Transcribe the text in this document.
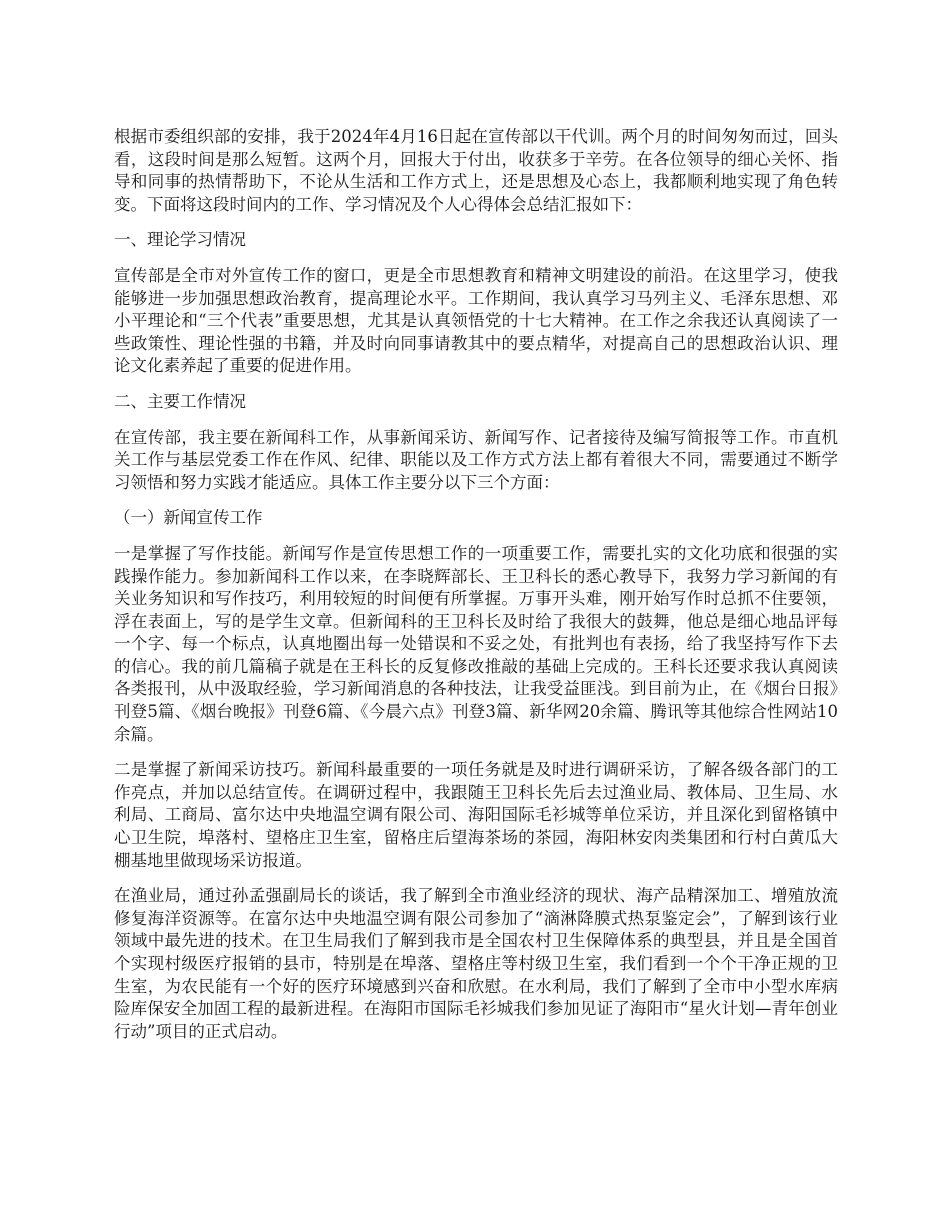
根据市委组织部的安排，我于2024年4月16日起在宣传部以干代训。两个月的时间匆匆而过，回头看，这段时间是那么短暂。这两个月，回报大于付出，收获多于辛劳。在各位领导的细心关怀、指导和同事的热情帮助下，不论从生活和工作方式上，还是思想及心态上，我都顺利地实现了角色转变。下面将这段时间内的工作、学习情况及个人心得体会总结汇报如下：

一、理论学习情况

宣传部是全市对外宣传工作的窗口，更是全市思想教育和精神文明建设的前沿。在这里学习，使我能够进一步加强思想政治教育，提高理论水平。工作期间，我认真学习马列主义、毛泽东思想、邓小平理论和“三个代表”重要思想，尤其是认真领悟党的十七大精神。在工作之余我还认真阅读了一些政策性、理论性强的书籍，并及时向同事请教其中的要点精华，对提高自己的思想政治认识、理论文化素养起了重要的促进作用。

二、主要工作情况

在宣传部，我主要在新闻科工作，从事新闻采访、新闻写作、记者接待及编写简报等工作。市直机关工作与基层党委工作在作风、纪律、职能以及工作方式方法上都有着很大不同，需要通过不断学习领悟和努力实践才能适应。具体工作主要分以下三个方面：

（一）新闻宣传工作

一是掌握了写作技能。新闻写作是宣传思想工作的一项重要工作，需要扎实的文化功底和很强的实践操作能力。参加新闻科工作以来，在李晓辉部长、王卫科长的悉心教导下，我努力学习新闻的有关业务知识和写作技巧，利用较短的时间便有所掌握。万事开头难，刚开始写作时总抓不住要领，浮在表面上，写的是学生文章。但新闻科的王卫科长及时给了我很大的鼓舞，他总是细心地品评每一个字、每一个标点，认真地圈出每一处错误和不妥之处，有批判也有表扬，给了我坚持写作下去的信心。我的前几篇稿子就是在王科长的反复修改推敲的基础上完成的。王科长还要求我认真阅读各类报刊，从中汲取经验，学习新闻消息的各种技法，让我受益匪浅。到目前为止，在《烟台日报》刊登5篇、《烟台晚报》刊登6篇、《今晨六点》刊登3篇、新华网20余篇、腾讯等其他综合性网站10余篇。

二是掌握了新闻采访技巧。新闻科最重要的一项任务就是及时进行调研采访，了解各级各部门的工作亮点，并加以总结宣传。在调研过程中，我跟随王卫科长先后去过渔业局、教体局、卫生局、水利局、工商局、富尔达中央地温空调有限公司、海阳国际毛衫城等单位采访，并且深化到留格镇中心卫生院，埠落村、望格庄卫生室，留格庄后望海茶场的茶园，海阳林安肉类集团和行村白黄瓜大棚基地里做现场采访报道。

在渔业局，通过孙孟强副局长的谈话，我了解到全市渔业经济的现状、海产品精深加工、增殖放流修复海洋资源等。在富尔达中央地温空调有限公司参加了“滴淋降膜式热泵鉴定会”，了解到该行业领域中最先进的技术。在卫生局我们了解到我市是全国农村卫生保障体系的典型县，并且是全国首个实现村级医疗报销的县市，特别是在埠落、望格庄等村级卫生室，我们看到一个个干净正规的卫生室，为农民能有一个好的医疗环境感到兴奋和欣慰。在水利局，我们了解到了全市中小型水库病险库保安全加固工程的最新进程。在海阳市国际毛衫城我们参加见证了海阳市“星火计划—青年创业行动”项目的正式启动。
